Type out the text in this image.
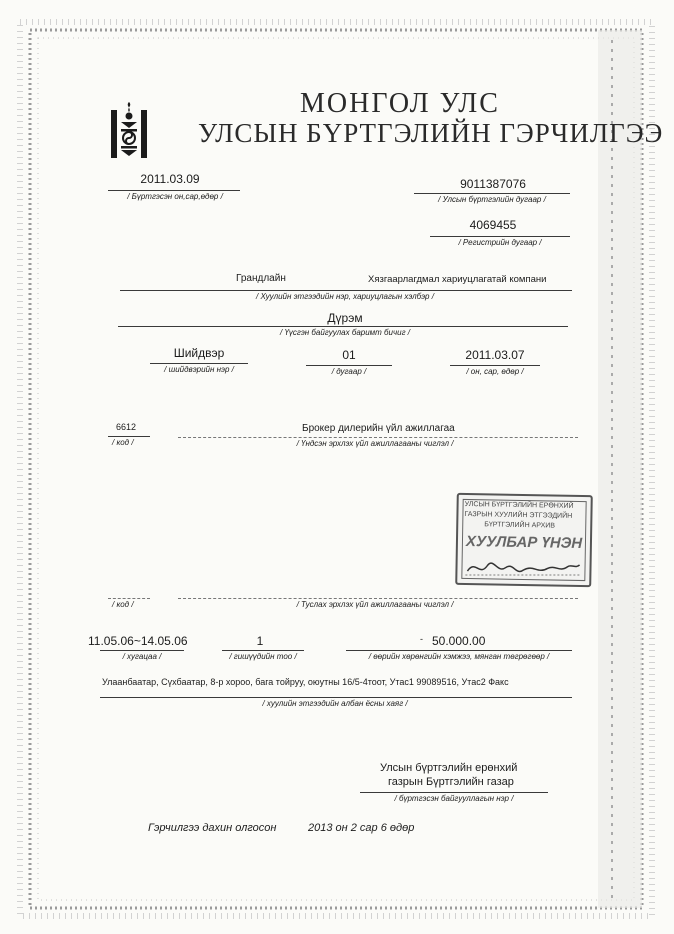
МОНГОЛ УЛС
УЛСЫН БҮРТГЭЛИЙН ГЭРЧИЛГЭЭ
2011.03.09
/ Бүртгэсэн он,сар,өдөр /
9011387076
/ Улсын бүртгэлийн дугаар /
4069455
/ Регистрийн дугаар /
Грандлайн	Хязгаарлагдмал хариуцлагатай компани
/ Хуулийн этгээдийн нэр, хариуцлагын хэлбэр /
Дүрэм
/ Үүсгэн байгуулах баримт бичиг /
Шийдвэр
/ шийдвэрийн нэр /
01
/ дугаар /
2011.03.07
/ он, сар, өдөр /
6612
/ код /
Брокер дилерийн үйл ажиллагаа
/ Үндсэн эрхлэх үйл ажиллагааны чиглэл /
УЛСЫН БҮРТГЭЛИЙН ЕРӨНХИЙ
ГАЗРЫН ХУУЛИЙН ЭТГЭЭДИЙН
БҮРТГЭЛИЙН АРХИВ
ХУУЛБАР ҮНЭН
/ код /	/ Туслах эрхлэх үйл ажиллагааны чиглэл /
11.05.06~14.05.06
/ хугацаа /
1
/ гишүүдийн тоо /
- 50.000.00
/ өөрийн хөрөнгийн хэмжээ, мянган төгрөгөөр /
Улаанбаатар, Сүхбаатар, 8-р хороо, бага тойруу, оюутны 16/5-4тоот, Утас1 99089516, Утас2 Факс
/ хуулийн этгээдийн албан ёсны хаяг /
Улсын бүртгэлийн ерөнхий
газрын Бүртгэлийн газар
/ бүртгэсэн байгууллагын нэр /
Гэрчилгээ дахин олгосон	2013 он 2 сар 6 өдөр
